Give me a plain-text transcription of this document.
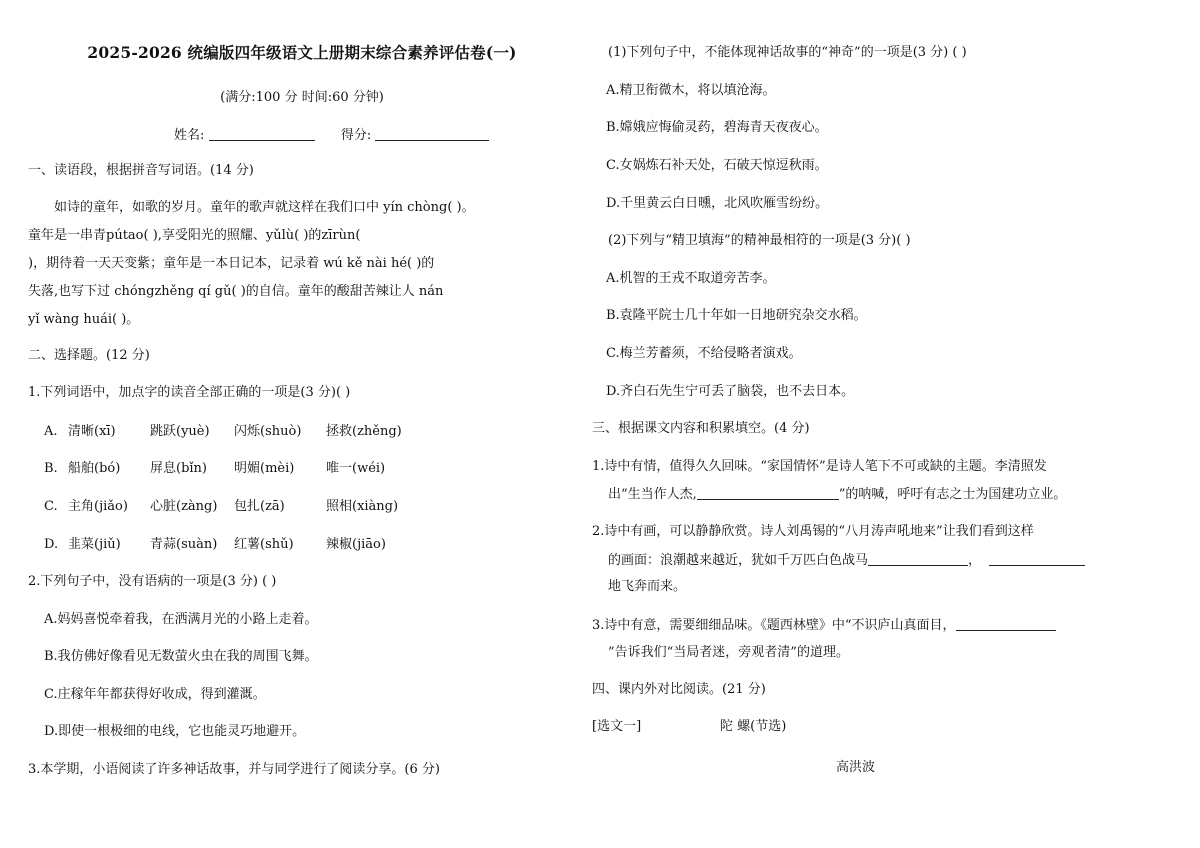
2025-2026 统编版四年级语文上册期末综合素养评估卷(一)
(满分:100 分 时间:60 分钟)
姓名:	得分:
一、读语段，根据拼音写词语。(14 分)
如诗的童年，如歌的岁月。童年的歌声就这样在我们口中 yín chòng( )。
童年是一串青pútao( ),享受阳光的照耀、yǔlù( )的zīrùn(
)，期待着一天天变紫；童年是一本日记本，记录着 wú kě nài hé( )的
失落,也写下过 chóngzhěng qí gǔ( )的自信。童年的酸甜苦辣让人 nán
yǐ wàng huái( )。
二、选择题。(12 分)
1.下列词语中，加点字的读音全部正确的一项是(3 分)( )
A. 清晰(xī)	跳跃(yuè) 闪烁(shuò) 拯救(zhěng)
B. 船舶(bó) 屏息(bǐn) 明媚(mèi) 唯一(wéi)
C. 主角(jiǎo) 心脏(zàng) 包扎(zā)	照相(xiàng)
D. 韭菜(jiǔ) 青蒜(suàn) 红薯(shǔ) 辣椒(jiāo)
2.下列句子中，没有语病的一项是(3 分) ( )
A.妈妈喜悦牵着我，在洒满月光的小路上走着。
B.我仿佛好像看见无数萤火虫在我的周围飞舞。
C.庄稼年年都获得好收成，得到灌溉。
D.即使一根极细的电线，它也能灵巧地避开。
3.本学期，小语阅读了许多神话故事，并与同学进行了阅读分享。(6 分)
(1)下列句子中，不能体现神话故事的“神奇”的一项是(3 分) ( )
A.精卫衔微木，将以填沧海。
B.嫦娥应悔偷灵药，碧海青天夜夜心。
C.女娲炼石补天处，石破天惊逗秋雨。
D.千里黄云白日曛，北风吹雁雪纷纷。
(2)下列与“精卫填海”的精神最相符的一项是(3 分)( )
A.机智的王戎不取道旁苦李。
B.袁隆平院士几十年如一日地研究杂交水稻。
C.梅兰芳蓄须，不给侵略者演戏。
D.齐白石先生宁可丢了脑袋，也不去日本。
三、根据课文内容和积累填空。(4 分)
1.诗中有情，值得久久回味。“家国情怀”是诗人笔下不可或缺的主题。李清照发
出“生当作人杰,	”的呐喊，呼吁有志之士为国建功立业。
2.诗中有画，可以静静欣赏。诗人刘禹锡的“八月涛声吼地来”让我们看到这样
的画面：浪潮越来越近，犹如千万匹白色战马	，
地飞奔而来。
3.诗中有意，需要细细品味。《题西林壁》中“不识庐山真面目，
”告诉我们“当局者迷，旁观者清”的道理。
四、课内外对比阅读。(21 分)
[选文一]	陀 螺(节选)
高洪波
